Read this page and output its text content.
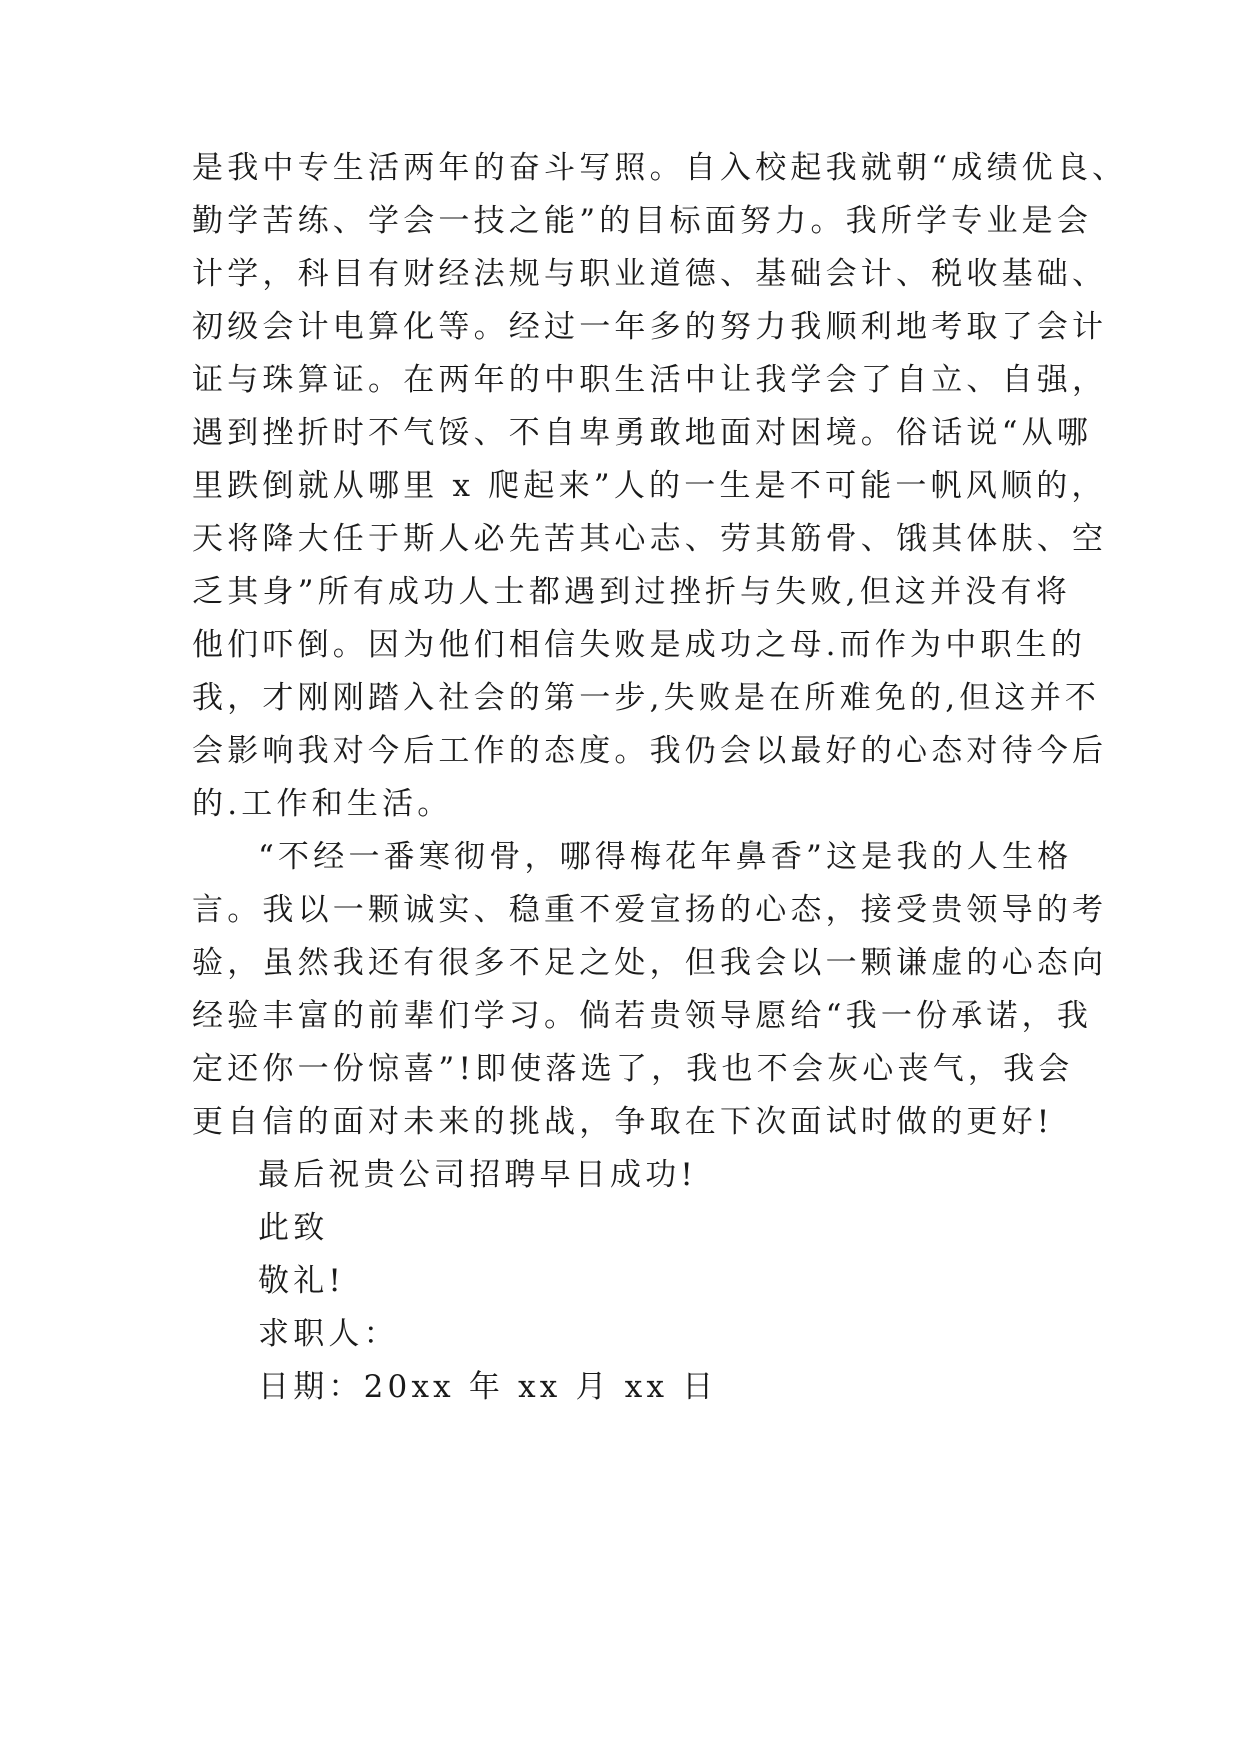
是我中专生活两年的奋斗写照。自入校起我就朝“成绩优良、
勤学苦练、学会一技之能”的目标面努力。我所学专业是会
计学，科目有财经法规与职业道德、基础会计、税收基础、
初级会计电算化等。经过一年多的努力我顺利地考取了会计
证与珠算证。在两年的中职生活中让我学会了自立、自强，
遇到挫折时不气馁、不自卑勇敢地面对困境。俗话说“从哪
里跌倒就从哪里 x 爬起来”人的一生是不可能一帆风顺的，
天将降大任于斯人必先苦其心志、劳其筋骨、饿其体肤、空
乏其身”所有成功人士都遇到过挫折与失败,但这并没有将
他们吓倒。因为他们相信失败是成功之母.而作为中职生的
我，才刚刚踏入社会的第一步,失败是在所难免的,但这并不
会影响我对今后工作的态度。我仍会以最好的心态对待今后
的.工作和生活。
“不经一番寒彻骨，哪得梅花年鼻香”这是我的人生格
言。我以一颗诚实、稳重不爱宣扬的心态，接受贵领导的考
验，虽然我还有很多不足之处，但我会以一颗谦虚的心态向
经验丰富的前辈们学习。倘若贵领导愿给“我一份承诺，我
定还你一份惊喜”!即使落选了，我也不会灰心丧气，我会
更自信的面对未来的挑战，争取在下次面试时做的更好!
最后祝贵公司招聘早日成功!
此致
敬礼!
求职人：
日期：20xx 年 xx 月 xx 日
